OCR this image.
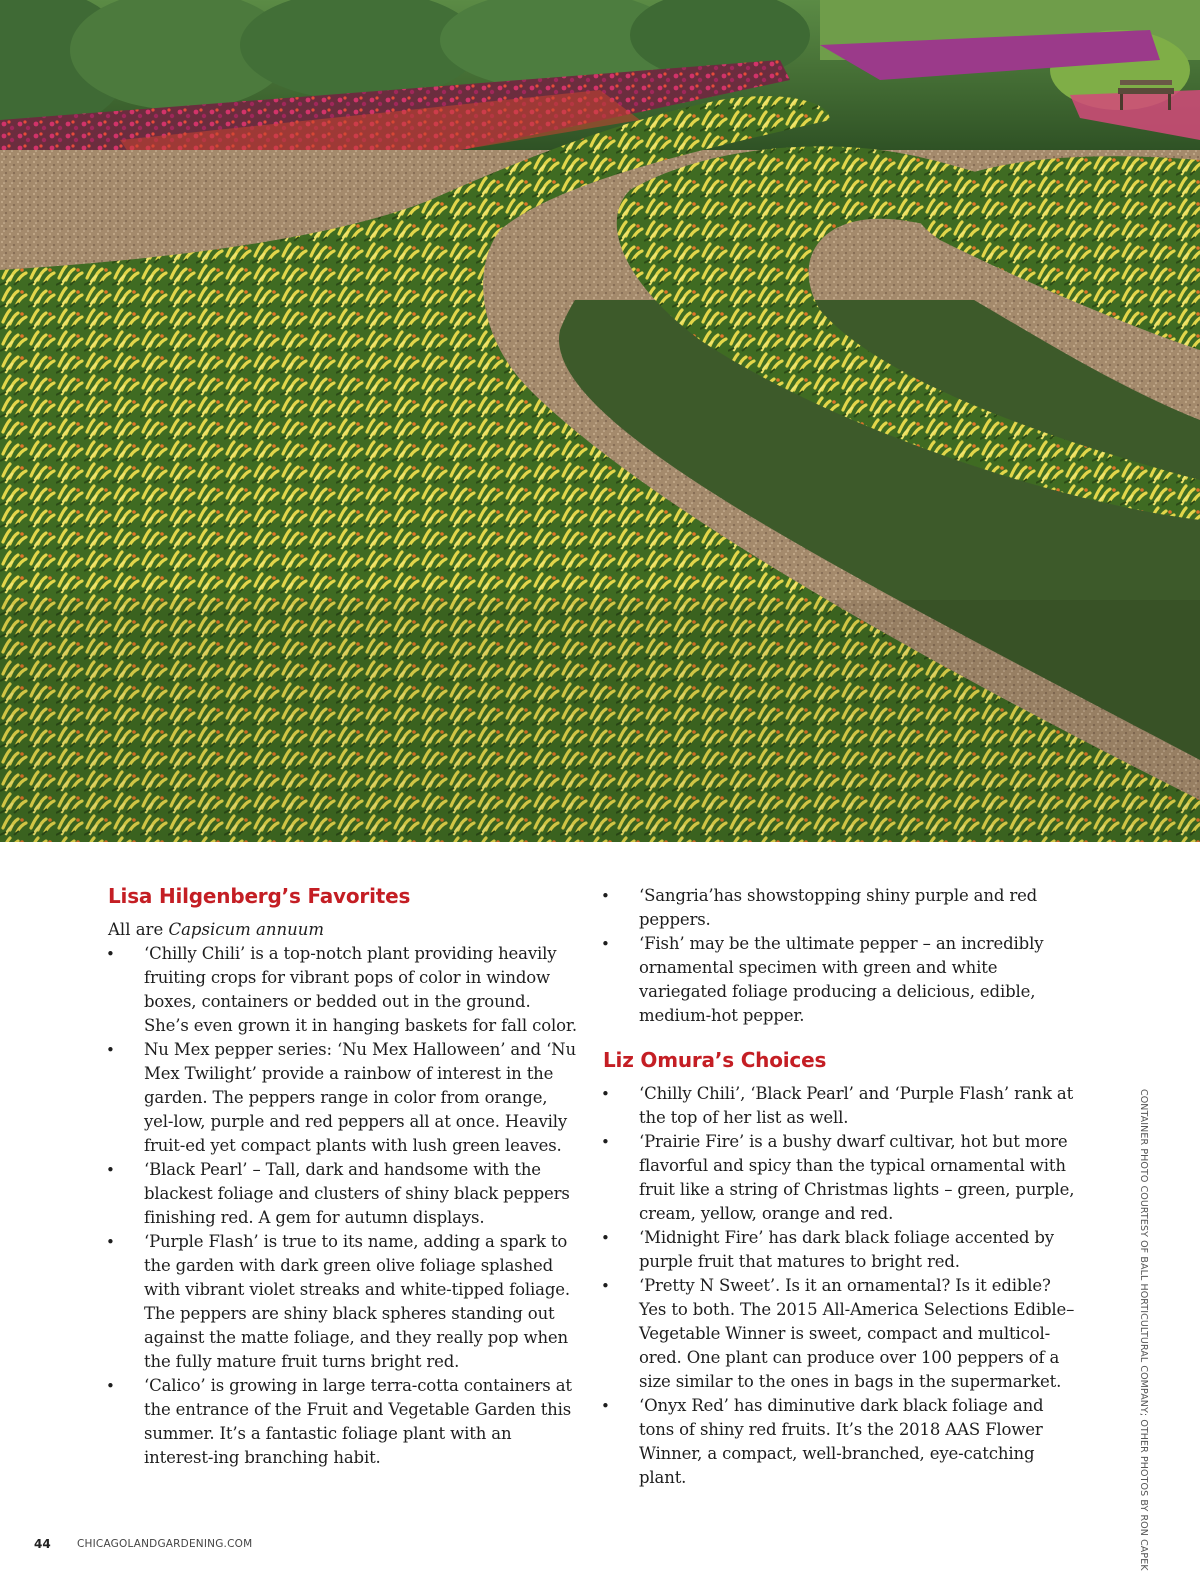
Lisa Hilgenberg’s Favorites

All are Capsicum annuum

• ‘Chilly Chili’ is a top-notch plant providing heavily fruiting crops for vibrant pops of color in window boxes, containers or bedded out in the ground. She’s even grown it in hanging baskets for fall color.
• Nu Mex pepper series: ‘Nu Mex Halloween’ and ‘Nu Mex Twilight’ provide a rainbow of interest in the garden. The peppers range in color from orange, yel-low, purple and red peppers all at once. Heavily fruit-ed yet compact plants with lush green leaves.
• ‘Black Pearl’ – Tall, dark and handsome with the blackest foliage and clusters of shiny black peppers finishing red. A gem for autumn displays.
• ‘Purple Flash’ is true to its name, adding a spark to the garden with dark green olive foliage splashed with vibrant violet streaks and white-tipped foliage. The peppers are shiny black spheres standing out against the matte foliage, and they really pop when the fully mature fruit turns bright red.
• ‘Calico’ is growing in large terra-cotta containers at the entrance of the Fruit and Vegetable Garden this summer. It’s a fantastic foliage plant with an interest-ing branching habit.
• ‘Sangria’has showstopping shiny purple and red peppers.
• ‘Fish’ may be the ultimate pepper – an incredibly ornamental specimen with green and white variegated foliage producing a delicious, edible, medium-hot pepper.
Liz Omura’s Choices
• ‘Chilly Chili’, ‘Black Pearl’ and ‘Purple Flash’ rank at the top of her list as well.
• ‘Prairie Fire’ is a bushy dwarf cultivar, hot but more flavorful and spicy than the typical ornamental with fruit like a string of Christmas lights – green, purple, cream, yellow, orange and red.
• ‘Midnight Fire’ has dark black foliage accented by purple fruit that matures to bright red.
• ‘Pretty N Sweet’. Is it an ornamental? Is it edible? Yes to both. The 2015 All-America Selections Edible–Vegetable Winner is sweet, compact and multicol-ored. One plant can produce over 100 peppers of a size similar to the ones in bags in the supermarket.
• ‘Onyx Red’ has diminutive dark black foliage and tons of shiny red fruits. It’s the 2018 AAS Flower Winner, a compact, well-branched, eye-catching plant.	CONTAINER PHOTO COURTESY OF BALL HORTICULTURAL COMPANY; OTHER PHOTOS BY RON CAPEK
44	CHICAGOLANDGARDENING.COM
